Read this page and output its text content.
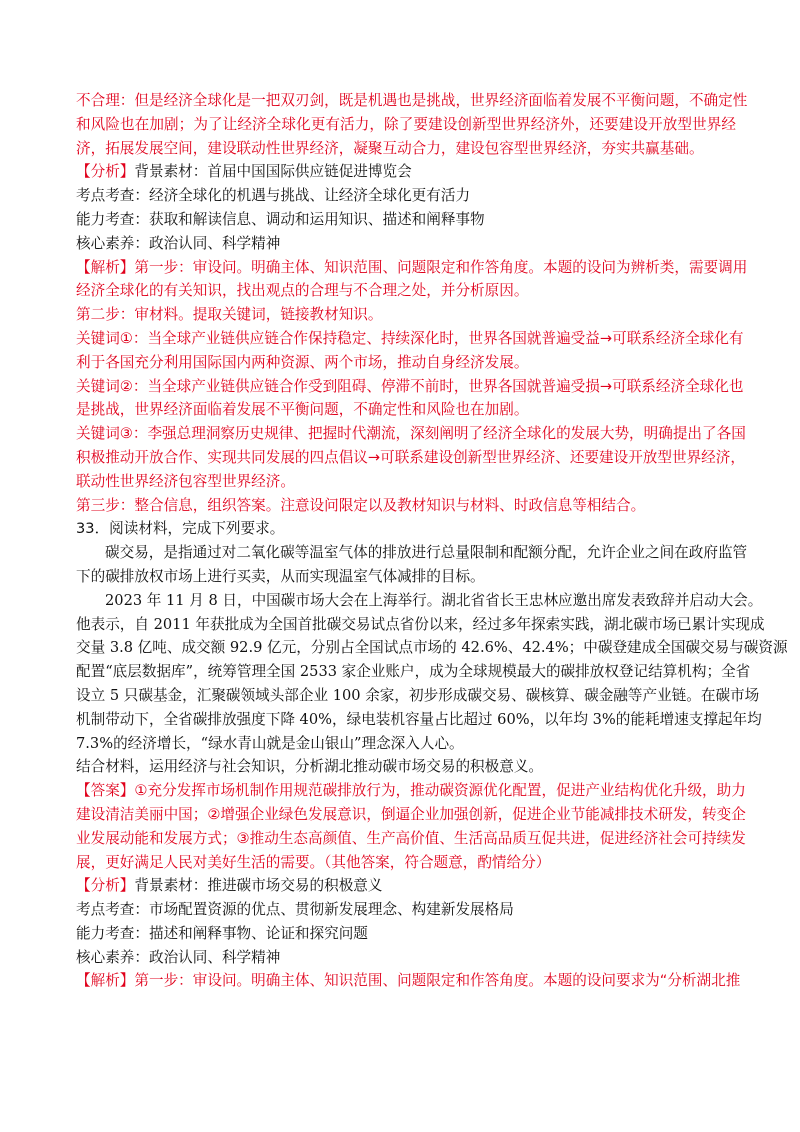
不合理：但是经济全球化是一把双刃剑，既是机遇也是挑战，世界经济面临着发展不平衡问题，不确定性
和风险也在加剧；为了让经济全球化更有活力，除了要建设创新型世界经济外，还要建设开放型世界经
济，拓展发展空间，建设联动性世界经济，凝聚互动合力，建设包容型世界经济，夯实共赢基础。
【分析】背景素材：首届中国国际供应链促进博览会
考点考查：经济全球化的机遇与挑战、让经济全球化更有活力
能力考查：获取和解读信息、调动和运用知识、描述和阐释事物
核心素养：政治认同、科学精神
【解析】第一步：审设问。明确主体、知识范围、问题限定和作答角度。本题的设问为辨析类，需要调用
经济全球化的有关知识，找出观点的合理与不合理之处，并分析原因。
第二步：审材料。提取关键词，链接教材知识。
关键词①：当全球产业链供应链合作保持稳定、持续深化时，世界各国就普遍受益→可联系经济全球化有
利于各国充分利用国际国内两种资源、两个市场，推动自身经济发展。
关键词②：当全球产业链供应链合作受到阻碍、停滞不前时，世界各国就普遍受损→可联系经济全球化也
是挑战，世界经济面临着发展不平衡问题，不确定性和风险也在加剧。
关键词③：李强总理洞察历史规律、把握时代潮流，深刻阐明了经济全球化的发展大势，明确提出了各国
积极推动开放合作、实现共同发展的四点倡议→可联系建设创新型世界经济、还要建设开放型世界经济，
联动性世界经济包容型世界经济。
第三步：整合信息，组织答案。注意设问限定以及教材知识与材料、时政信息等相结合。
33．阅读材料，完成下列要求。
碳交易，是指通过对二氧化碳等温室气体的排放进行总量限制和配额分配，允许企业之间在政府监管
下的碳排放权市场上进行买卖，从而实现温室气体减排的目标。
2023 年 11 月 8 日，中国碳市场大会在上海举行。湖北省省长王忠林应邀出席发表致辞并启动大会。
他表示，自 2011 年获批成为全国首批碳交易试点省份以来，经过多年探索实践，湖北碳市场已累计实现成
交量 3.8 亿吨、成交额 92.9 亿元，分别占全国试点市场的 42.6%、42.4%；中碳登建成全国碳交易与碳资源
配置“底层数据库”，统筹管理全国 2533 家企业账户，成为全球规模最大的碳排放权登记结算机构；全省
设立 5 只碳基金，汇聚碳领域头部企业 100 余家，初步形成碳交易、碳核算、碳金融等产业链。在碳市场
机制带动下，全省碳排放强度下降 40%，绿电装机容量占比超过 60%，以年均 3%的能耗增速支撑起年均
7.3%的经济增长，“绿水青山就是金山银山”理念深入人心。
结合材料，运用经济与社会知识，分析湖北推动碳市场交易的积极意义。
【答案】①充分发挥市场机制作用规范碳排放行为，推动碳资源优化配置，促进产业结构优化升级，助力
建设清洁美丽中国；②增强企业绿色发展意识，倒逼企业加强创新，促进企业节能减排技术研发，转变企
业发展动能和发展方式；③推动生态高颜值、生产高价值、生活高品质互促共进，促进经济社会可持续发
展，更好满足人民对美好生活的需要。（其他答案，符合题意，酌情给分）
【分析】背景素材：推进碳市场交易的积极意义
考点考查：市场配置资源的优点、贯彻新发展理念、构建新发展格局
能力考查：描述和阐释事物、论证和探究问题
核心素养：政治认同、科学精神
【解析】第一步：审设问。明确主体、知识范围、问题限定和作答角度。本题的设问要求为“分析湖北推
